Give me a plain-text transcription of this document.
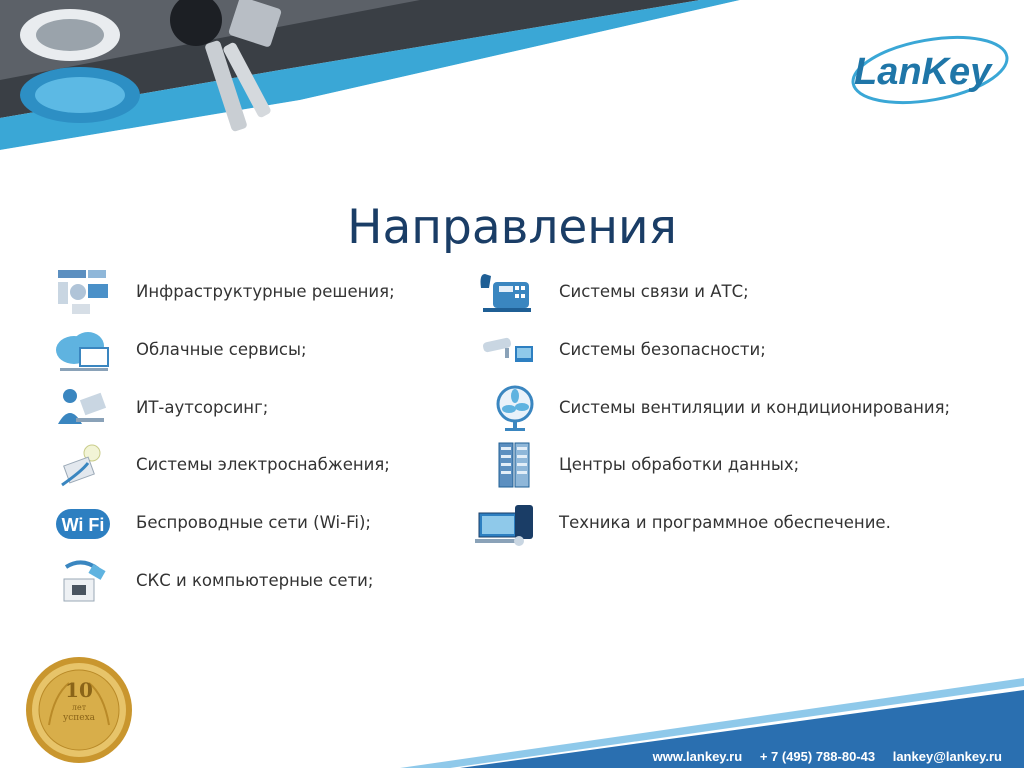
LanKey
Направления
Инфраструктурные решения;
Облачные сервисы;
ИТ-аутсорсинг;
Системы электроснабжения;
Wi Fi Беспроводные сети (Wi-Fi);
СКС и компьютерные сети;
Системы связи и АТС;
Системы безопасности;
Системы вентиляции и кондиционирования;
Центры обработки данных;
Техника и программное обеспечение.
www.lankey.ru + 7 (495) 788-80-43 lankey@lankey.ru
10
лет
успеха
